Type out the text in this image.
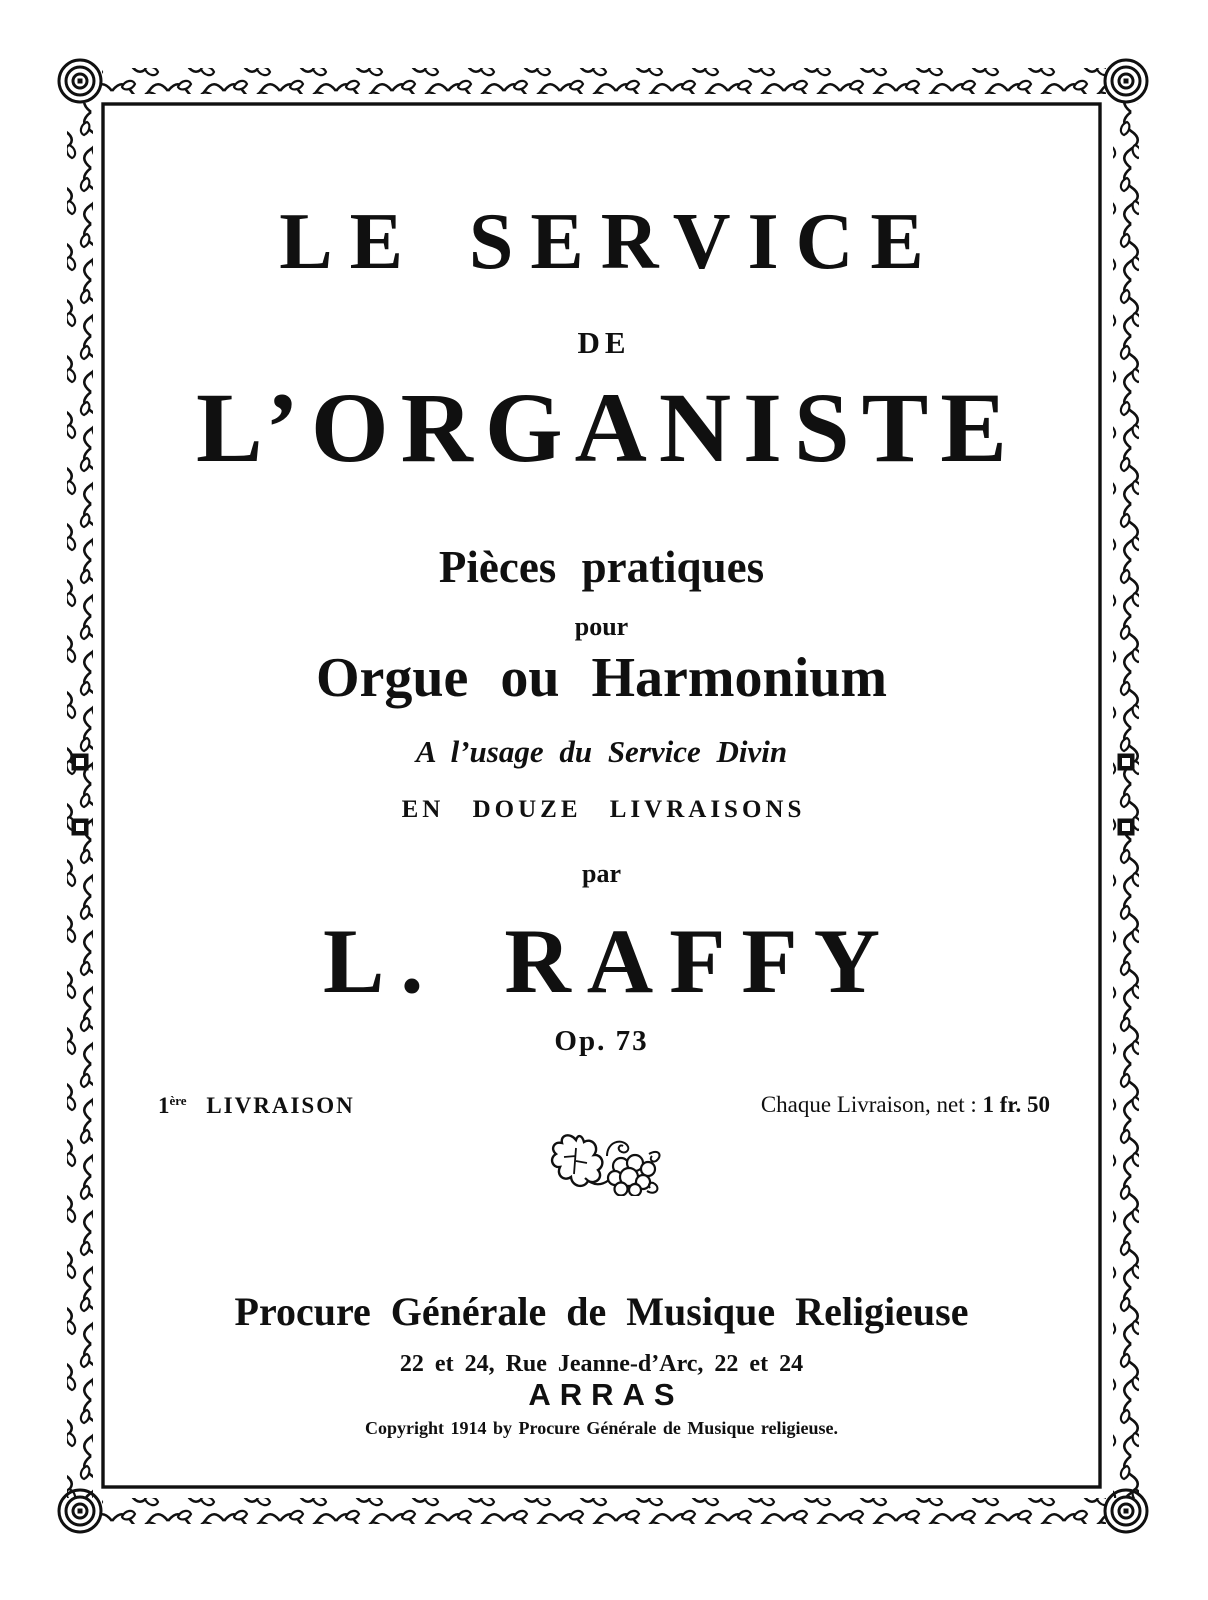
LE SERVICE
DE
L’ORGANISTE
Pièces pratiques
pour
Orgue ou Harmonium
A l’usage du Service Divin
EN DOUZE LIVRAISONS
par
L. RAFFY
Op. 73
1ère LIVRAISON	Chaque Livraison, net : 1 fr. 50
Procure Générale de Musique Religieuse
22 et 24, Rue Jeanne-d’Arc, 22 et 24
ARRAS
Copyright 1914 by Procure Générale de Musique religieuse.
